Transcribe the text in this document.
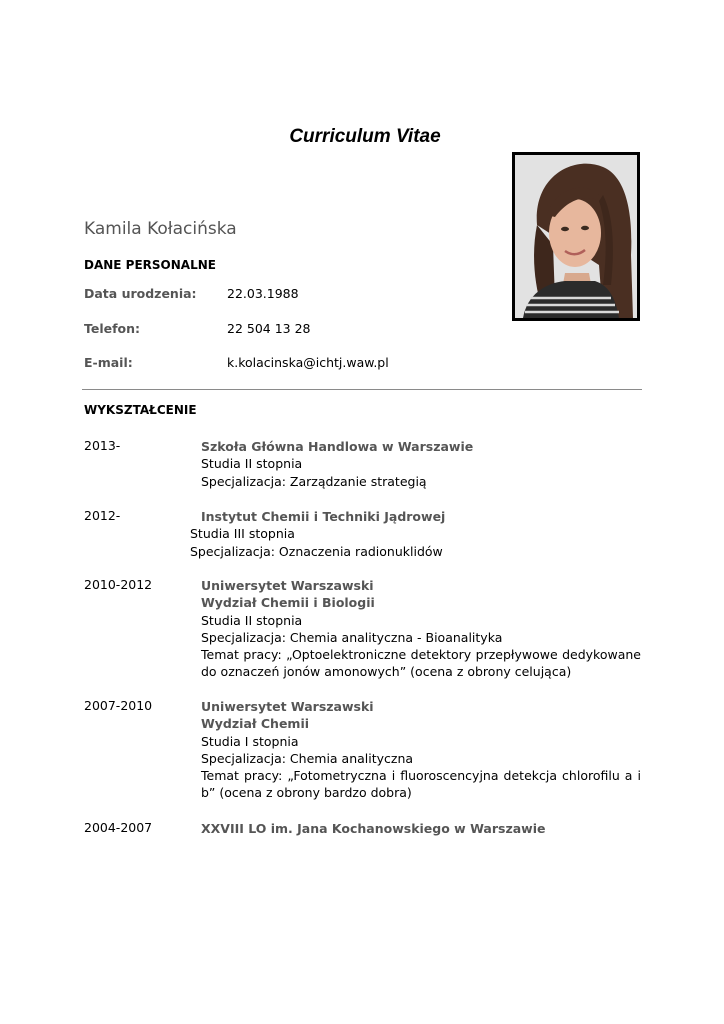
Curriculum Vitae
Kamila Kołacińska
DANE PERSONALNE
Data urodzenia: 22.03.1988
Telefon:	22 504 13 28
E-mail:	k.kolacinska@ichtj.waw.pl
WYKSZTAŁCENIE
2013-	Szkoła Główna Handlowa w Warszawie
Studia II stopnia
Specjalizacja: Zarządzanie strategią
2012-	Instytut Chemii i Techniki Jądrowej
Studia III stopnia
Specjalizacja: Oznaczenia radionuklidów
2010-2012	Uniwersytet Warszawski
Wydział Chemii i Biologii
Studia II stopnia
Specjalizacja: Chemia analityczna - Bioanalityka
Temat pracy: „Optoelektroniczne detektory przepływowe dedykowane do oznaczeń jonów amonowych” (ocena z obrony celująca)
2007-2010	Uniwersytet Warszawski
Wydział Chemii
Studia I stopnia
Specjalizacja: Chemia analityczna
Temat pracy: „Fotometryczna i fluoroscencyjna detekcja chlorofilu a i b” (ocena z obrony bardzo dobra)
2004-2007	XXVIII LO im. Jana Kochanowskiego w Warszawie
